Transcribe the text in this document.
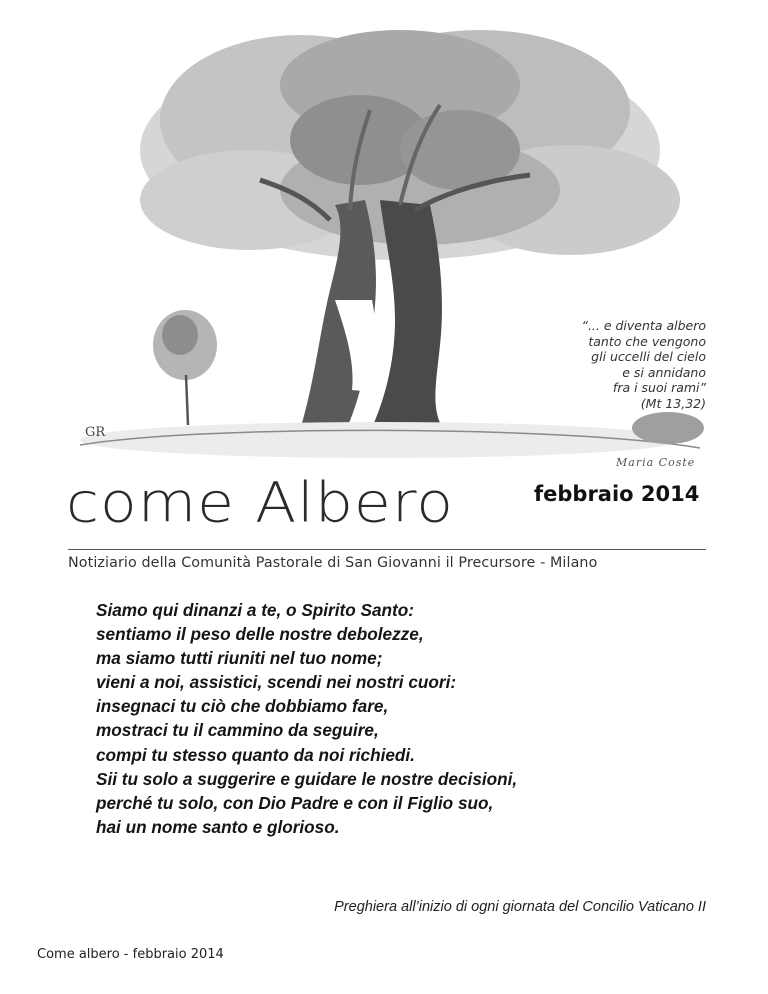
“... e diventa albero
tanto che vengono
gli uccelli del cielo
e si annidano
fra i suoi rami”
(Mt 13,32)
GR
Maria Coste
come Albero	febbraio 2014
Notiziario della Comunità Pastorale di San Giovanni il Precursore - Milano
Siamo qui dinanzi a te, o Spirito Santo:
sentiamo il peso delle nostre debolezze,
ma siamo tutti riuniti nel tuo nome;
vieni a noi, assistici, scendi nei nostri cuori:
insegnaci tu ciò che dobbiamo fare,
mostraci tu il cammino da seguire,
compi tu stesso quanto da noi richiedi.
Sii tu solo a suggerire e guidare le nostre decisioni,
perché tu solo, con Dio Padre e con il Figlio suo,
hai un nome santo e glorioso.
Preghiera all’inizio di ogni giornata del Concilio Vaticano II
Come albero - febbraio 2014
